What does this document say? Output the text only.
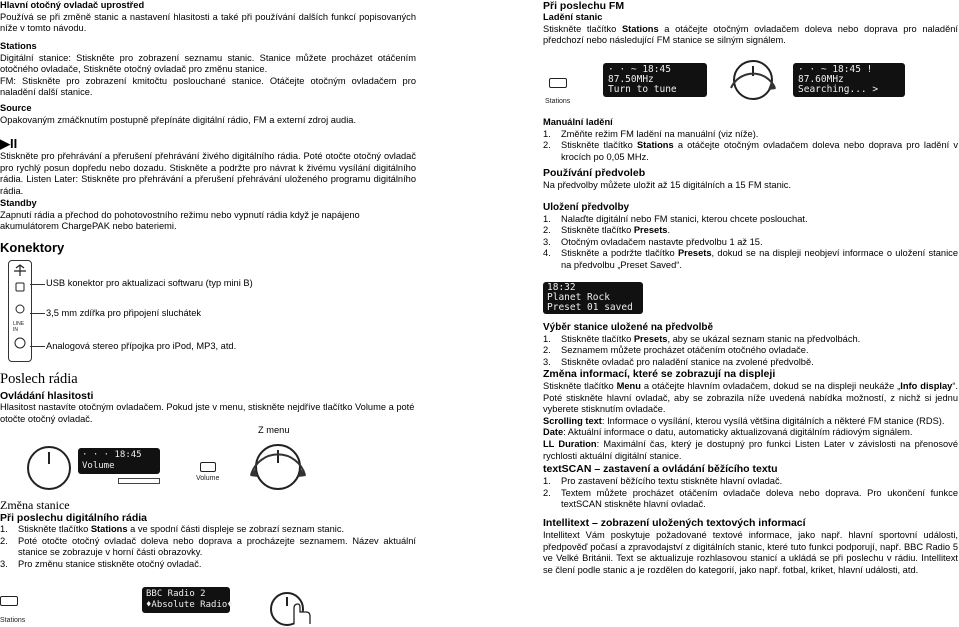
Hlavní otočný ovladač uprostřed

Používá se při změně stanic a nastavení hlasitosti a také při používání dalších funkcí popisovaných níže v tomto návodu.

Stations

Digitální stanice: Stiskněte pro zobrazení seznamu stanic. Stanice můžete procházet otáčením otočného ovladače, Stiskněte otočný ovladač pro změnu stanice.

FM: Stiskněte pro zobrazení kmitočtu poslouchané stanice. Otáčejte otočným ovladačem pro naladění další stanice.

Source

Opakovaným zmáčknutím postupně přepínáte digitální rádio, FM a externí zdroj audia.

▶II

Stiskněte pro přehrávání a přerušení přehrávání živého digitálního rádia. Poté otočte otočný ovladač pro rychlý posun dopředu nebo dozadu. Stiskněte a podržte pro návrat k živému vysílání digitálního rádia. Listen Later: Stiskněte pro přehrávání a přerušení přehrávání uloženého programu digitálního rádia.

Standby

Zapnutí rádia a přechod do pohotovostního režimu nebo vypnutí rádia když je napájeno akumulátorem ChargePAK nebo bateriemi.

Konektory

LINE IN

USB konektor pro aktualizaci softwaru (typ mini B)

3,5 mm zdířka pro připojení sluchátek

Analogová stereo přípojka pro iPod, MP3, atd.

Poslech rádia

Ovládání hlasitosti

Hlasitost nastavíte otočným ovladačem. Pokud jste v menu, stiskněte nejdříve tlačítko Volume a poté otočte otočný ovladač.

Z menu

· · · 18:45
Volume
Volume

Změna stanice

Při poslechu digitálního rádia

1.	Stiskněte tlačítko Stations a ve spodní části displeje se zobrazí seznam stanic.
2.	Poté otočte otočný ovladač doleva nebo doprava a procházejte seznamem. Název aktuální stanice se zobrazuje v horní části obrazovky.
3.	Pro změnu stanice stiskněte otočný ovladač.
Stations
BBC Radio 2
♦Absolute Radio♦

Při poslechu FM

Ladění stanic

Stiskněte tlačítko Stations a otáčejte otočným ovladačem doleva nebo doprava pro naladění předchozí nebo následující FM stanice se silným signálem.

Stations
· · ~ 18:45
87.50MHz
Turn to tune
· · ~ 18:45 !
87.60MHz
Searching... >

Manuální ladění

1.	Změňte režim FM ladění na manuální (viz níže).
2.	Stiskněte tlačítko Stations a otáčejte otočným ovladačem doleva nebo doprava pro ladění v krocích po 0,05 MHz.

Používání předvoleb

Na předvolby můžete uložit až 15 digitálních a 15 FM stanic.

Uložení předvolby

1.	Nalaďte digitální nebo FM stanici, kterou chcete poslouchat.
2.	Stiskněte tlačítko Presets.
3.	Otočným ovladačem nastavte předvolbu 1 až 15.
4.	Stiskněte a podržte tlačítko Presets, dokud se na displeji neobjeví informace o uložení stanice na předvolbu „Preset Saved“.
18:32
Planet Rock
Preset 01 saved

Výběr stanice uložené na předvolbě

1.	Stiskněte tlačítko Presets, aby se ukázal seznam stanic na předvolbách.
2.	Seznamem můžete procházet otáčením otočného ovladače.
3.	Stiskněte ovladač pro naladění stanice na zvolené předvolbě.

Změna informací, které se zobrazují na displeji

Stiskněte tlačítko Menu a otáčejte hlavním ovladačem, dokud se na displeji neukáže „Info display“. Poté stiskněte hlavní ovladač, aby se zobrazila níže uvedená nabídka možností, z nichž si jednu vyberete stisknutím ovladače.

Scrolling text: Informace o vysílání, kterou vysílá většina digitálních a některé FM stanice (RDS).

Date: Aktuální informace o datu, automaticky aktualizovaná digitálním rádiovým signálem.

LL Duration: Maximální čas, který je dostupný pro funkci Listen Later v závislosti na přenosové rychlosti aktuální digitální stanice.

textSCAN – zastavení a ovládání běžícího textu

1.	Pro zastavení běžícího textu stiskněte hlavní ovladač.
2.	Textem můžete procházet otáčením ovladače doleva nebo doprava. Pro ukončení funkce textSCAN stiskněte hlavní ovladač.

Intellitext – zobrazení uložených textových informací

Intellitext Vám poskytuje požadované textové informace, jako např. hlavní sportovní události, předpověď počasí a zpravodajství z digitálních stanic, které tuto funkci podporují, např. BBC Radio 5 ve Velké Británii. Text se aktualizuje rozhlasovou stanicí a ukládá se při poslechu v rádiu. Intellitext se člení podle stanic a je rozdělen do kategorií, jako např. fotbal, kriket, hlavní události, atd.
